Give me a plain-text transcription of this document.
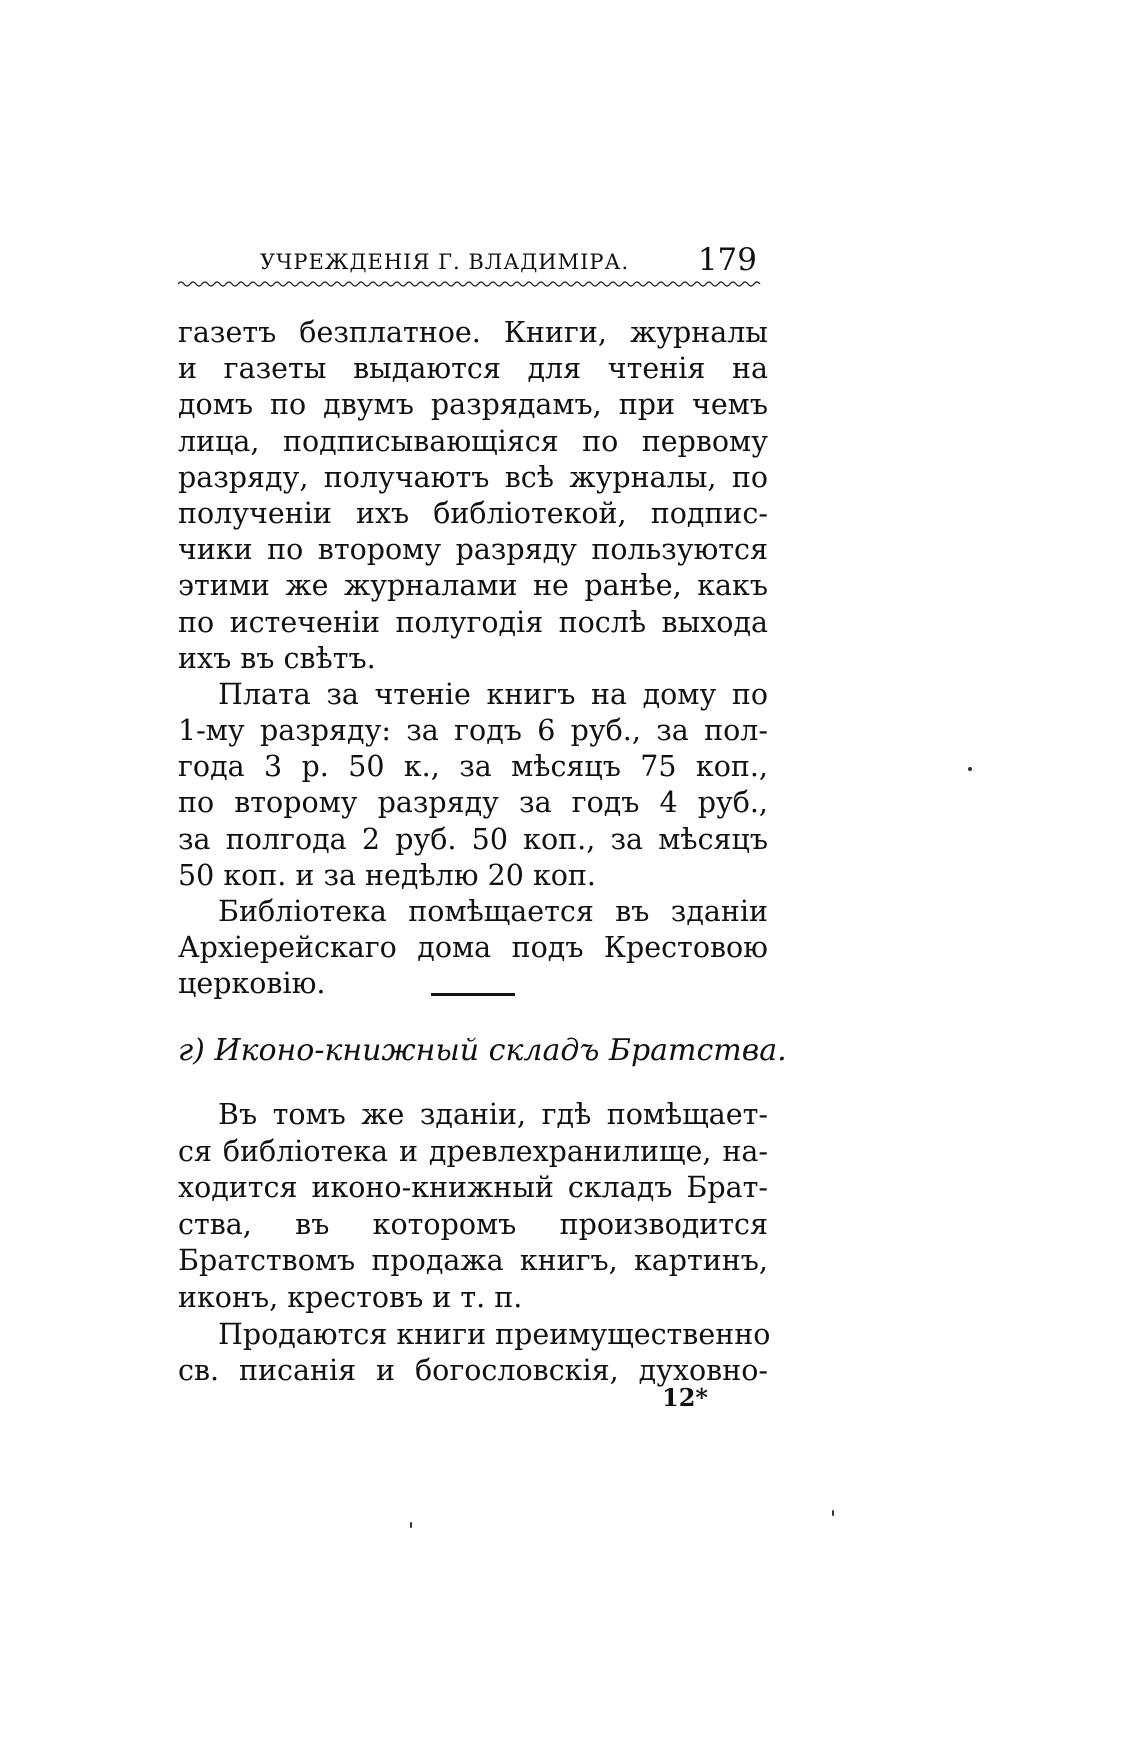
УЧРЕЖДЕНІЯ Г. ВЛАДИМІРА. 179
газетъ безплатное. Книги, журналы
и газеты выдаются для чтенія на
домъ по двумъ разрядамъ, при чемъ
лица, подписывающіяся по первому
разряду, получаютъ всѣ журналы, по
полученіи ихъ библіотекой, подпис-
чики по второму разряду пользуются
этими же журналами не ранѣе, какъ
по истеченіи полугодія послѣ выхода
ихъ въ свѣтъ.
Плата за чтеніе книгъ на дому по
1-му разряду: за годъ 6 руб., за пол-
года 3 р. 50 к., за мѣсяцъ 75 коп.,
по второму разряду за годъ 4 руб.,
за полгода 2 руб. 50 коп., за мѣсяцъ
50 коп. и за недѣлю 20 коп.
Библіотека помѣщается въ зданіи
Архіерейскаго дома подъ Крестовою
церковію.
г) Иконо-книжный складъ Братства.
Въ томъ же зданіи, гдѣ помѣщает-
ся библіотека и древлехранилище, на-
ходится иконо-книжный складъ Брат-
ства, въ которомъ производится
Братствомъ продажа книгъ, картинъ,
иконъ, крестовъ и т. п.
Продаются книги преимущественно
св. писанія и богословскія, духовно-
12*
